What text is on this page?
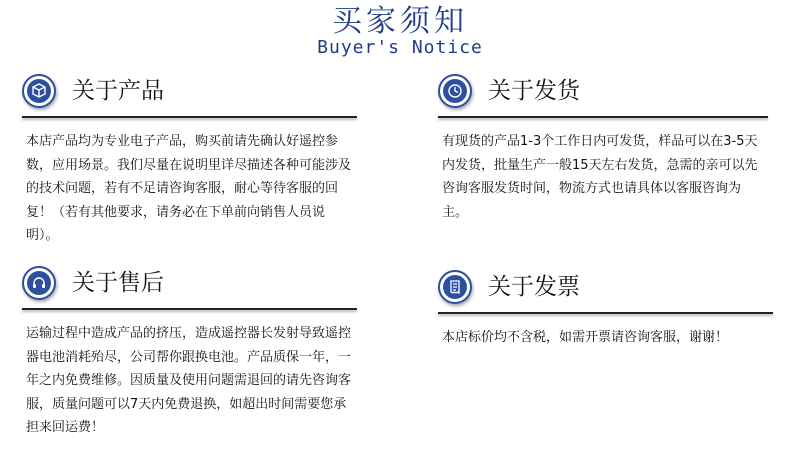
买家须知
Buyer's Notice
关于产品
本店产品均为专业电子产品，购买前请先确认好遥控参数，应用场景。我们尽量在说明里详尽描述各种可能涉及的技术问题，若有不足请咨询客服，耐心等待客服的回复！（若有其他要求，请务必在下单前向销售人员说明）。
关于发货
有现货的产品1-3个工作日内可发货，样品可以在3-5天内发货，批量生产一般15天左右发货，急需的亲可以先咨询客服发货时间，物流方式也请具体以客服咨询为主。
关于售后
运输过程中造成产品的挤压，造成遥控器长发射导致遥控器电池消耗殆尽，公司帮你跟换电池。产品质保一年，一年之内免费维修。因质量及使用问题需退回的请先咨询客服，质量问题可以7天内免费退换，如超出时间需要您承担来回运费！
关于发票
本店标价均不含税，如需开票请咨询客服，谢谢！
